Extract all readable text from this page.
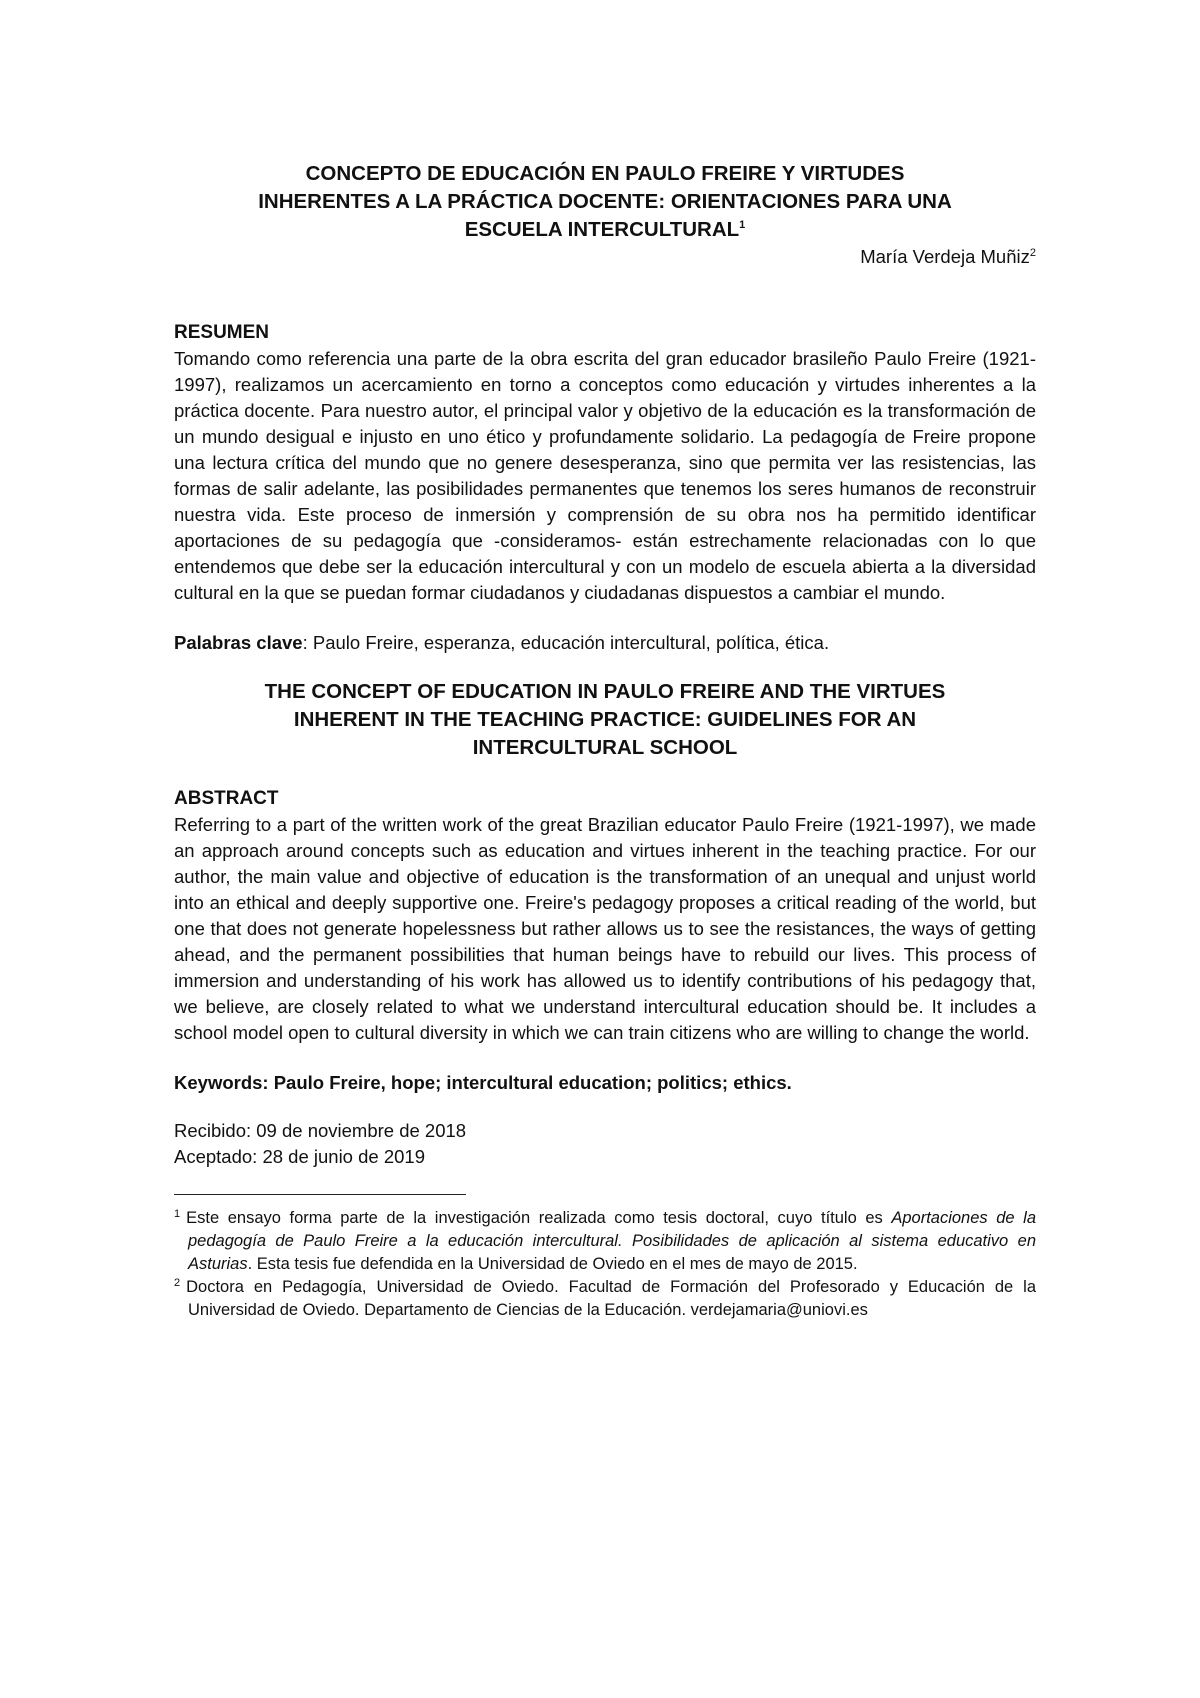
CONCEPTO DE EDUCACIÓN EN PAULO FREIRE Y VIRTUDES
INHERENTES A LA PRÁCTICA DOCENTE: ORIENTACIONES PARA UNA
ESCUELA INTERCULTURAL$^1$

María Verdeja Muñiz$^2$

RESUMEN

Tomando como referencia una parte de la obra escrita del gran educador brasileño Paulo Freire (1921-1997), realizamos un acercamiento en torno a conceptos como educación y virtudes inherentes a la práctica docente. Para nuestro autor, el principal valor y objetivo de la educación es la transformación de un mundo desigual e injusto en uno ético y profundamente solidario. La pedagogía de Freire propone una lectura crítica del mundo que no genere desesperanza, sino que permita ver las resistencias, las formas de salir adelante, las posibilidades permanentes que tenemos los seres humanos de reconstruir nuestra vida. Este proceso de inmersión y comprensión de su obra nos ha permitido identificar aportaciones de su pedagogía que -consideramos- están estrechamente relacionadas con lo que entendemos que debe ser la educación intercultural y con un modelo de escuela abierta a la diversidad cultural en la que se puedan formar ciudadanos y ciudadanas dispuestos a cambiar el mundo.

Palabras clave: Paulo Freire, esperanza, educación intercultural, política, ética.

THE CONCEPT OF EDUCATION IN PAULO FREIRE AND THE VIRTUES
INHERENT IN THE TEACHING PRACTICE: GUIDELINES FOR AN
INTERCULTURAL SCHOOL

ABSTRACT

Referring to a part of the written work of the great Brazilian educator Paulo Freire (1921-1997), we made an approach around concepts such as education and virtues inherent in the teaching practice. For our author, the main value and objective of education is the transformation of an unequal and unjust world into an ethical and deeply supportive one. Freire's pedagogy proposes a critical reading of the world, but one that does not generate hopelessness but rather allows us to see the resistances, the ways of getting ahead, and the permanent possibilities that human beings have to rebuild our lives. This process of immersion and understanding of his work has allowed us to identify contributions of his pedagogy that, we believe, are closely related to what we understand intercultural education should be. It includes a school model open to cultural diversity in which we can train citizens who are willing to change the world.

Keywords: Paulo Freire, hope; intercultural education; politics; ethics.

Recibido: 09 de noviembre de 2018
Aceptado: 28 de junio de 2019

$^1$ Este ensayo forma parte de la investigación realizada como tesis doctoral, cuyo título es Aportaciones de la pedagogía de Paulo Freire a la educación intercultural. Posibilidades de aplicación al sistema educativo en Asturias. Esta tesis fue defendida en la Universidad de Oviedo en el mes de mayo de 2015.

$^2$ Doctora en Pedagogía, Universidad de Oviedo. Facultad de Formación del Profesorado y Educación de la Universidad de Oviedo. Departamento de Ciencias de la Educación. verdejamaria@uniovi.es
